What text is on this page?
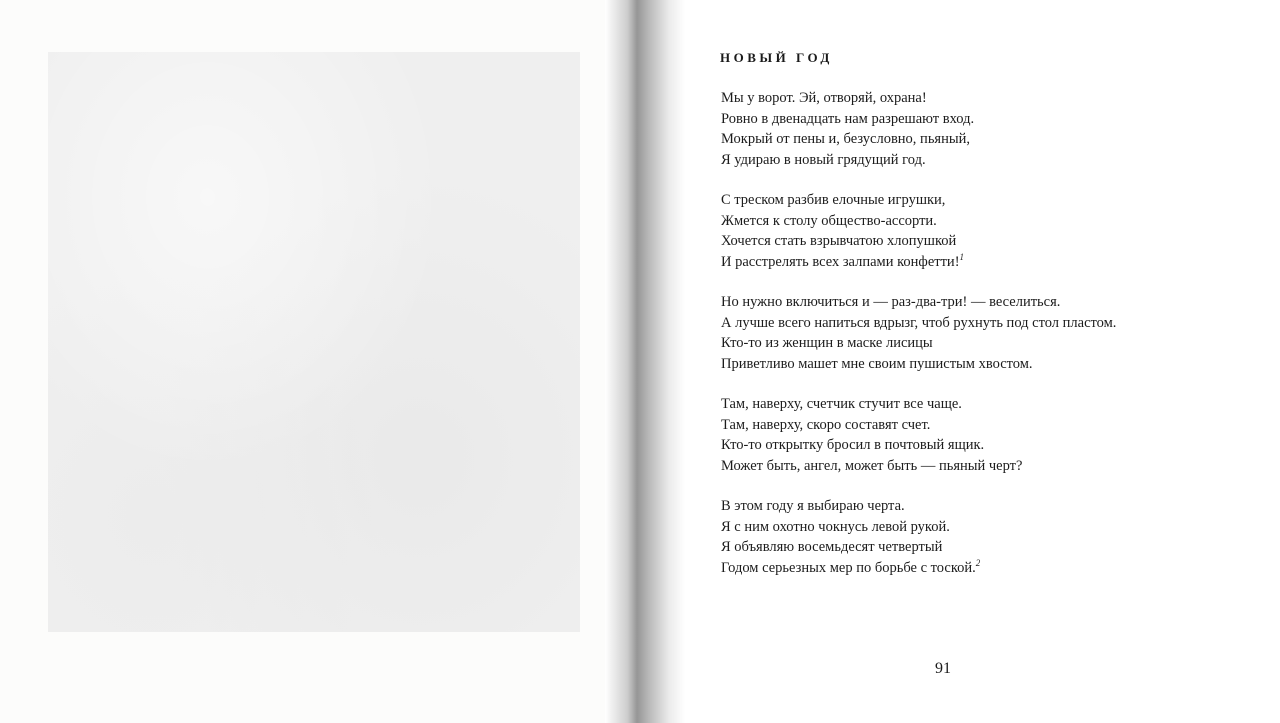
НОВЫЙ ГОД
Мы у ворот. Эй, отворяй, охрана!
Ровно в двенадцать нам разрешают вход.
Мокрый от пены и, безусловно, пьяный,
Я удираю в новый грядущий год.
С треском разбив елочные игрушки,
Жмется к столу общество-ассорти.
Хочется стать взрывчатою хлопушкой
И расстрелять всех залпами конфетти!$^1$
Но нужно включиться и — раз-два-три! — веселиться.
А лучше всего напиться вдрызг, чтоб рухнуть под стол пластом.
Кто-то из женщин в маске лисицы
Приветливо машет мне своим пушистым хвостом.
Там, наверху, счетчик стучит все чаще.
Там, наверху, скоро составят счет.
Кто-то открытку бросил в почтовый ящик.
Может быть, ангел, может быть — пьяный черт?
В этом году я выбираю черта.
Я с ним охотно чокнусь левой рукой.
Я объявляю восемьдесят четвертый
Годом серьезных мер по борьбе с тоской.$^2$
91
